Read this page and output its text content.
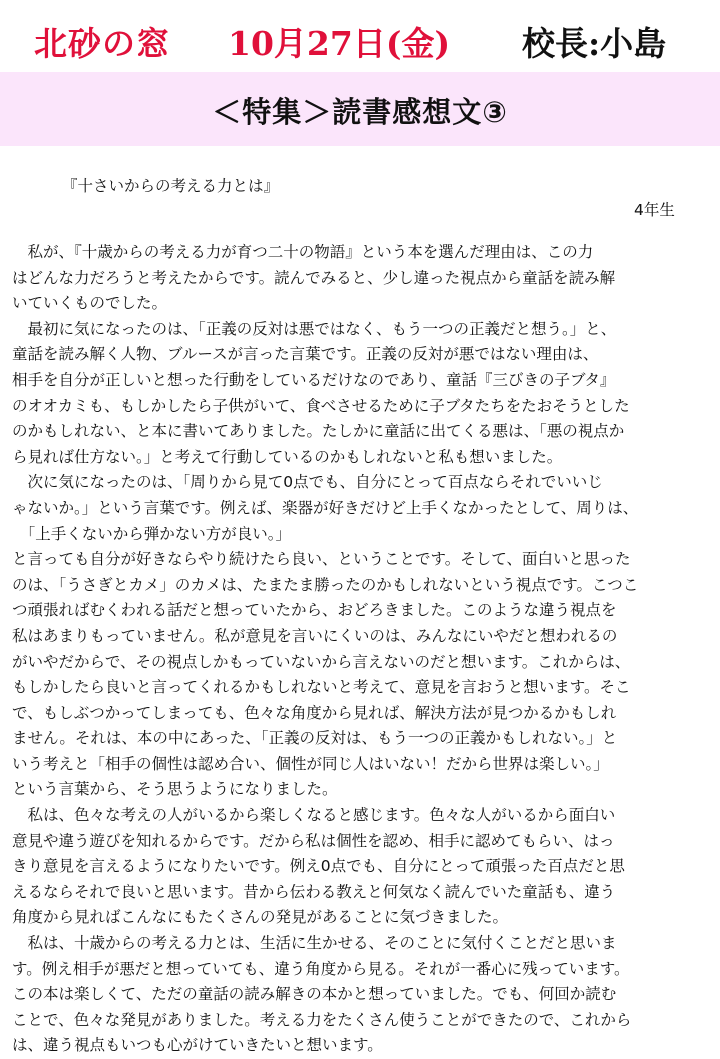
北砂の窓 10月27日(金) 校長:小島
＜特集＞読書感想文③
『十さいからの考える力とは』
4年生

　私が、『十歳からの考える力が育つ二十の物語』という本を選んだ理由は、この力

はどんな力だろうと考えたからです。読んでみると、少し違った視点から童話を読み解

いていくものでした。

　最初に気になったのは、「正義の反対は悪ではなく、もう一つの正義だと想う。」と、

童話を読み解く人物、ブルースが言った言葉です。正義の反対が悪ではない理由は、

相手を自分が正しいと想った行動をしているだけなのであり、童話『三びきの子ブタ』

のオオカミも、もしかしたら子供がいて、食べさせるために子ブタたちをたおそうとした

のかもしれない、と本に書いてありました。たしかに童話に出てくる悪は、「悪の視点か

ら見れば仕方ない。」と考えて行動しているのかもしれないと私も想いました。

　次に気になったのは、「周りから見て0点でも、自分にとって百点ならそれでいいじ

ゃないか。」という言葉です。例えば、楽器が好きだけど上手くなかったとして、周りは、

　「上手くないから弾かない方が良い。」

と言っても自分が好きならやり続けたら良い、ということです。そして、面白いと思った

のは、「うさぎとカメ」のカメは、たまたま勝ったのかもしれないという視点です。こつこ

つ頑張ればむくわれる話だと想っていたから、おどろきました。このような違う視点を

私はあまりもっていません。私が意見を言いにくいのは、みんなにいやだと想われるの

がいやだからで、その視点しかもっていないから言えないのだと想います。これからは、

もしかしたら良いと言ってくれるかもしれないと考えて、意見を言おうと想います。そこ

で、もしぶつかってしまっても、色々な角度から見れば、解決方法が見つかるかもしれ

ません。それは、本の中にあった、「正義の反対は、もう一つの正義かもしれない。」と

いう考えと「相手の個性は認め合い、個性が同じ人はいない！だから世界は楽しい。」

という言葉から、そう思うようになりました。

　私は、色々な考えの人がいるから楽しくなると感じます。色々な人がいるから面白い

意見や違う遊びを知れるからです。だから私は個性を認め、相手に認めてもらい、はっ

きり意見を言えるようになりたいです。例え0点でも、自分にとって頑張った百点だと思

えるならそれで良いと思います。昔から伝わる教えと何気なく読んでいた童話も、違う

角度から見ればこんなにもたくさんの発見があることに気づきました。

　私は、十歳からの考える力とは、生活に生かせる、そのことに気付くことだと思いま

す。例え相手が悪だと想っていても、違う角度から見る。それが一番心に残っています。

この本は楽しくて、ただの童話の読み解きの本かと想っていました。でも、何回か読む

ことで、色々な発見がありました。考える力をたくさん使うことができたので、これから

は、違う視点もいつも心がけていきたいと想います。
